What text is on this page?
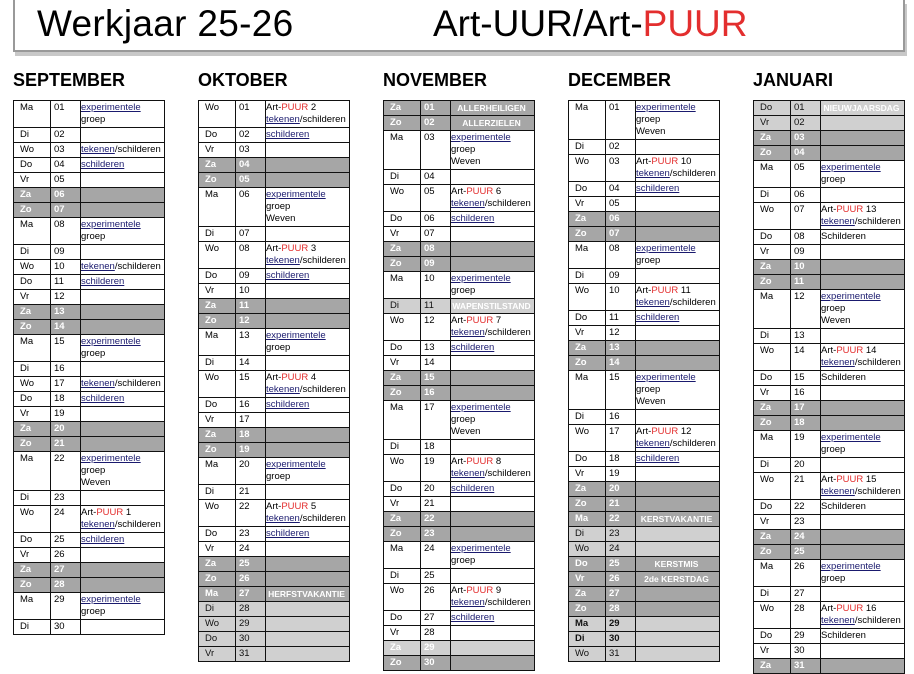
Werkjaar 25-26	Art-UUR/Art-PUUR
SEPTEMBER
Ma	01	experimentele groep
Di	02	
Wo	03	tekenen/schilderen
Do	04	schilderen
Vr	05	
Za	06	
Zo	07	
Ma	08	experimentele groep
Di	09	
Wo	10	tekenen/schilderen
Do	11	schilderen
Vr	12	
Za	13	
Zo	14	
Ma	15	experimentele groep
Di	16	
Wo	17	tekenen/schilderen
Do	18	schilderen
Vr	19	
Za	20	
Zo	21	
Ma	22	experimentele groep
Weven
Di	23	
Wo	24	Art-PUUR 1
tekenen/schilderen
Do	25	schilderen
Vr	26	
Za	27	
Zo	28	
Ma	29	experimentele groep
Di	30	
OKTOBER
Wo	01	Art-PUUR 2
tekenen/schilderen
Do	02	schilderen
Vr	03	
Za	04	
Zo	05	
Ma	06	experimentele groep
Weven
Di	07	
Wo	08	Art-PUUR 3
tekenen/schilderen
Do	09	schilderen
Vr	10	
Za	11	
Zo	12	
Ma	13	experimentele groep
Di	14	
Wo	15	Art-PUUR 4
tekenen/schilderen
Do	16	schilderen
Vr	17	
Za	18	
Zo	19	
Ma	20	experimentele groep
Di	21	
Wo	22	Art-PUUR 5
tekenen/schilderen
Do	23	schilderen
Vr	24	
Za	25	
Zo	26	
Ma	27	HERFSTVAKANTIE
Di	28	
Wo	29	
Do	30	
Vr	31	
NOVEMBER
Za	01	ALLERHEILIGEN
Zo	02	ALLERZIELEN
Ma	03	experimentele groep
Weven
Di	04	
Wo	05	Art-PUUR 6
tekenen/schilderen
Do	06	schilderen
Vr	07	
Za	08	
Zo	09	
Ma	10	experimentele groep
Di	11	WAPENSTILSTAND
Wo	12	Art-PUUR 7
tekenen/schilderen
Do	13	schilderen
Vr	14	
Za	15	
Zo	16	
Ma	17	experimentele groep
Weven
Di	18	
Wo	19	Art-PUUR 8
tekenen/schilderen
Do	20	schilderen
Vr	21	
Za	22	
Zo	23	
Ma	24	experimentele groep
Di	25	
Wo	26	Art-PUUR 9
tekenen/schilderen
Do	27	schilderen
Vr	28	
Za	29	
Zo	30	
DECEMBER
Ma	01	experimentele groep
Weven
Di	02	
Wo	03	Art-PUUR 10
tekenen/schilderen
Do	04	schilderen
Vr	05	
Za	06	
Zo	07	
Ma	08	experimentele groep
Di	09	
Wo	10	Art-PUUR 11
tekenen/schilderen
Do	11	schilderen
Vr	12	
Za	13	
Zo	14	
Ma	15	experimentele groep
Weven
Di	16	
Wo	17	Art-PUUR 12
tekenen/schilderen
Do	18	schilderen
Vr	19	
Za	20	
Zo	21	
Ma	22	KERSTVAKANTIE
Di	23	
Wo	24	
Do	25	KERSTMIS
Vr	26	2de KERSTDAG
Za	27	
Zo	28	
Ma	29	
Di	30	
Wo	31	
JANUARI
Do	01	NIEUWJAARSDAG
Vr	02	
Za	03	
Zo	04	
Ma	05	experimentele groep
Di	06	
Wo	07	Art-PUUR 13
tekenen/schilderen
Do	08	Schilderen
Vr	09	
Za	10	
Zo	11	
Ma	12	experimentele groep
Weven
Di	13	
Wo	14	Art-PUUR 14
tekenen/schilderen
Do	15	Schilderen
Vr	16	
Za	17	
Zo	18	
Ma	19	experimentele groep
Di	20	
Wo	21	Art-PUUR 15
tekenen/schilderen
Do	22	Schilderen
Vr	23	
Za	24	
Zo	25	
Ma	26	experimentele groep
Di	27	
Wo	28	Art-PUUR 16
tekenen/schilderen
Do	29	Schilderen
Vr	30	
Za	31	
